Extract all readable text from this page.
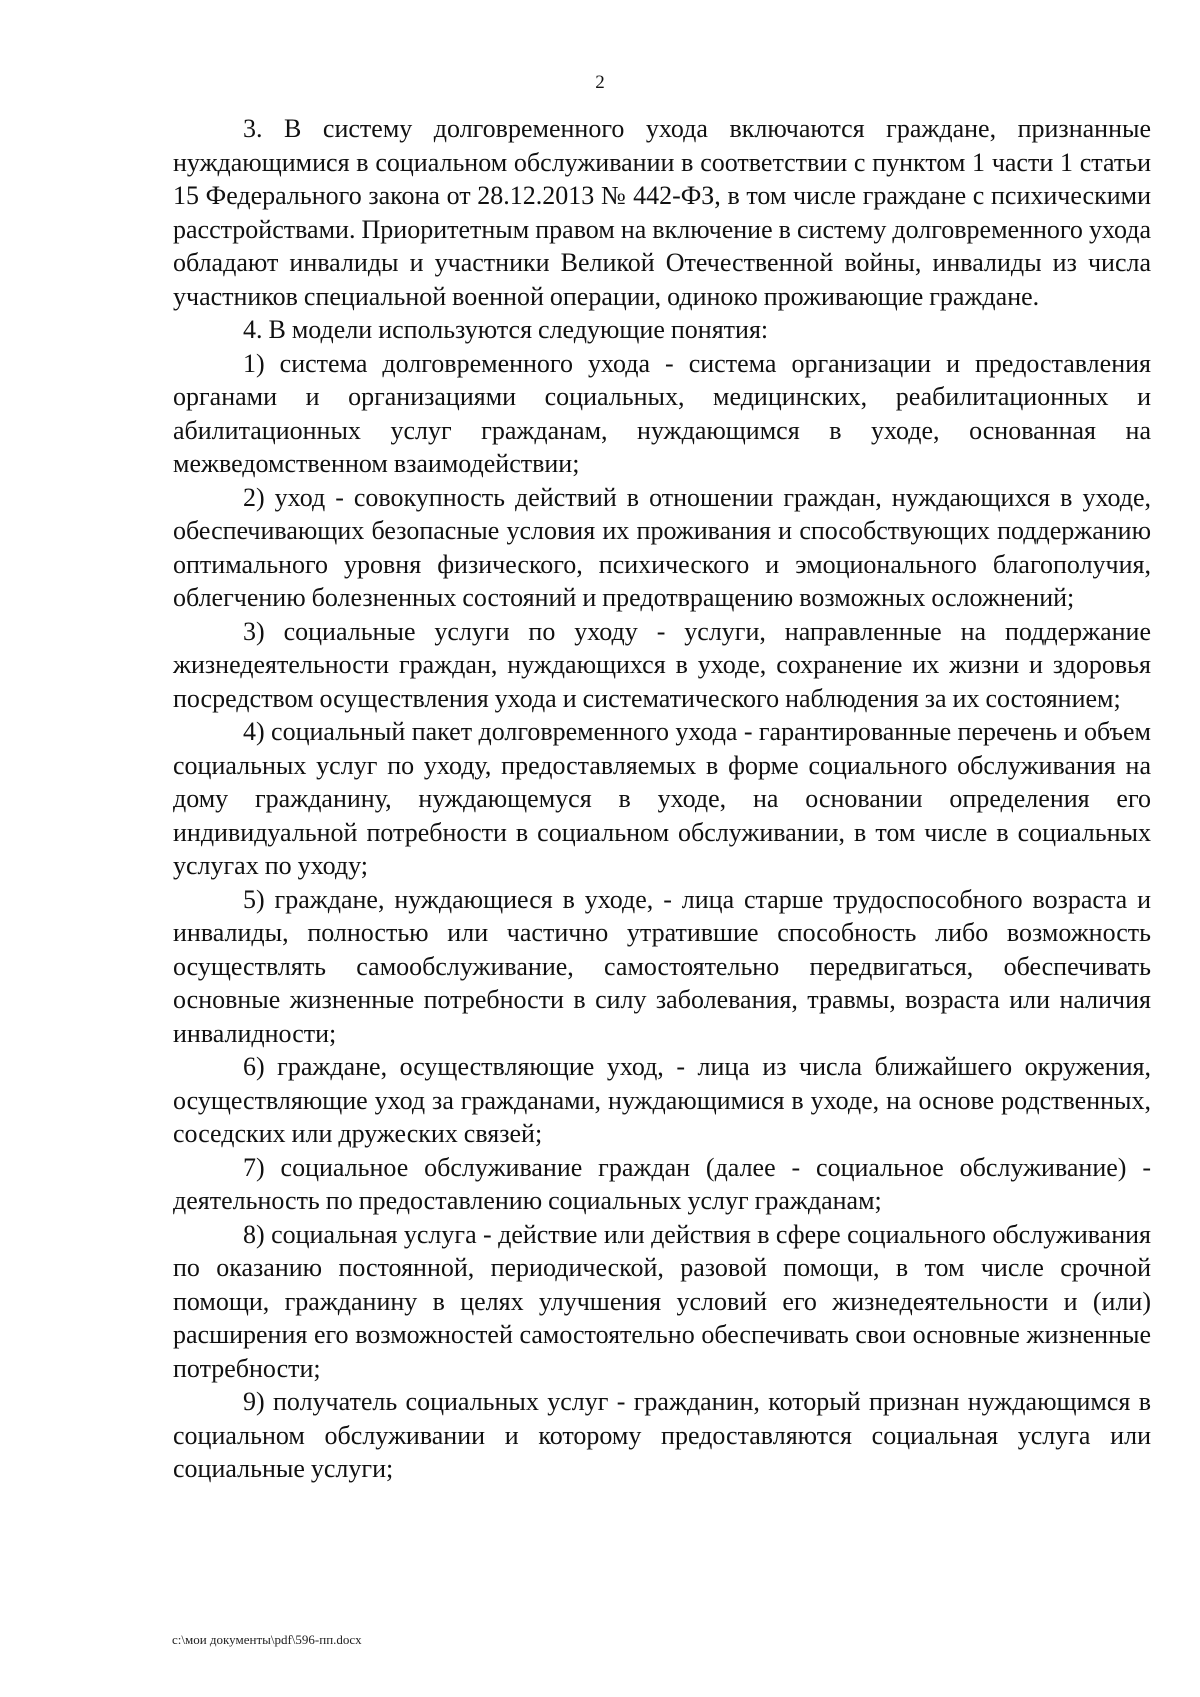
2

3. В систему долговременного ухода включаются граждане, признанные нуждающимися в социальном обслуживании в соответствии с пунктом 1 части 1 статьи 15 Федерального закона от 28.12.2013 № 442-ФЗ, в том числе граждане с психическими расстройствами. Приоритетным правом на включение в систему долговременного ухода обладают инвалиды и участники Великой Отечественной войны, инвалиды из числа участников специальной военной операции, одиноко проживающие граждане.

4. В модели используются следующие понятия:

1) система долговременного ухода - система организации и предоставления органами и организациями социальных, медицинских, реабилитационных и абилитационных услуг гражданам, нуждающимся в уходе, основанная на межведомственном взаимодействии;

2) уход - совокупность действий в отношении граждан, нуждающихся в уходе, обеспечивающих безопасные условия их проживания и способствующих поддержанию оптимального уровня физического, психического и эмоционального благополучия, облегчению болезненных состояний и предотвращению возможных осложнений;

3) социальные услуги по уходу - услуги, направленные на поддержание жизнедеятельности граждан, нуждающихся в уходе, сохранение их жизни и здоровья посредством осуществления ухода и систематического наблюдения за их состоянием;

4) социальный пакет долговременного ухода - гарантированные перечень и объем социальных услуг по уходу, предоставляемых в форме социального обслуживания на дому гражданину, нуждающемуся в уходе, на основании определения его индивидуальной потребности в социальном обслуживании, в том числе в социальных услугах по уходу;

5) граждане, нуждающиеся в уходе, - лица старше трудоспособного возраста и инвалиды, полностью или частично утратившие способность либо возможность осуществлять самообслуживание, самостоятельно передвигаться, обеспечивать основные жизненные потребности в силу заболевания, травмы, возраста или наличия инвалидности;

6) граждане, осуществляющие уход, - лица из числа ближайшего окружения, осуществляющие уход за гражданами, нуждающимися в уходе, на основе родственных, соседских или дружеских связей;

7) социальное обслуживание граждан (далее - социальное обслуживание) - деятельность по предоставлению социальных услуг гражданам;

8) социальная услуга - действие или действия в сфере социального обслуживания по оказанию постоянной, периодической, разовой помощи, в том числе срочной помощи, гражданину в целях улучшения условий его жизнедеятельности и (или) расширения его возможностей самостоятельно обеспечивать свои основные жизненные потребности;

9) получатель социальных услуг - гражданин, который признан нуждающимся в социальном обслуживании и которому предоставляются социальная услуга или социальные услуги;

c:\мои документы\pdf\596-пп.docx
